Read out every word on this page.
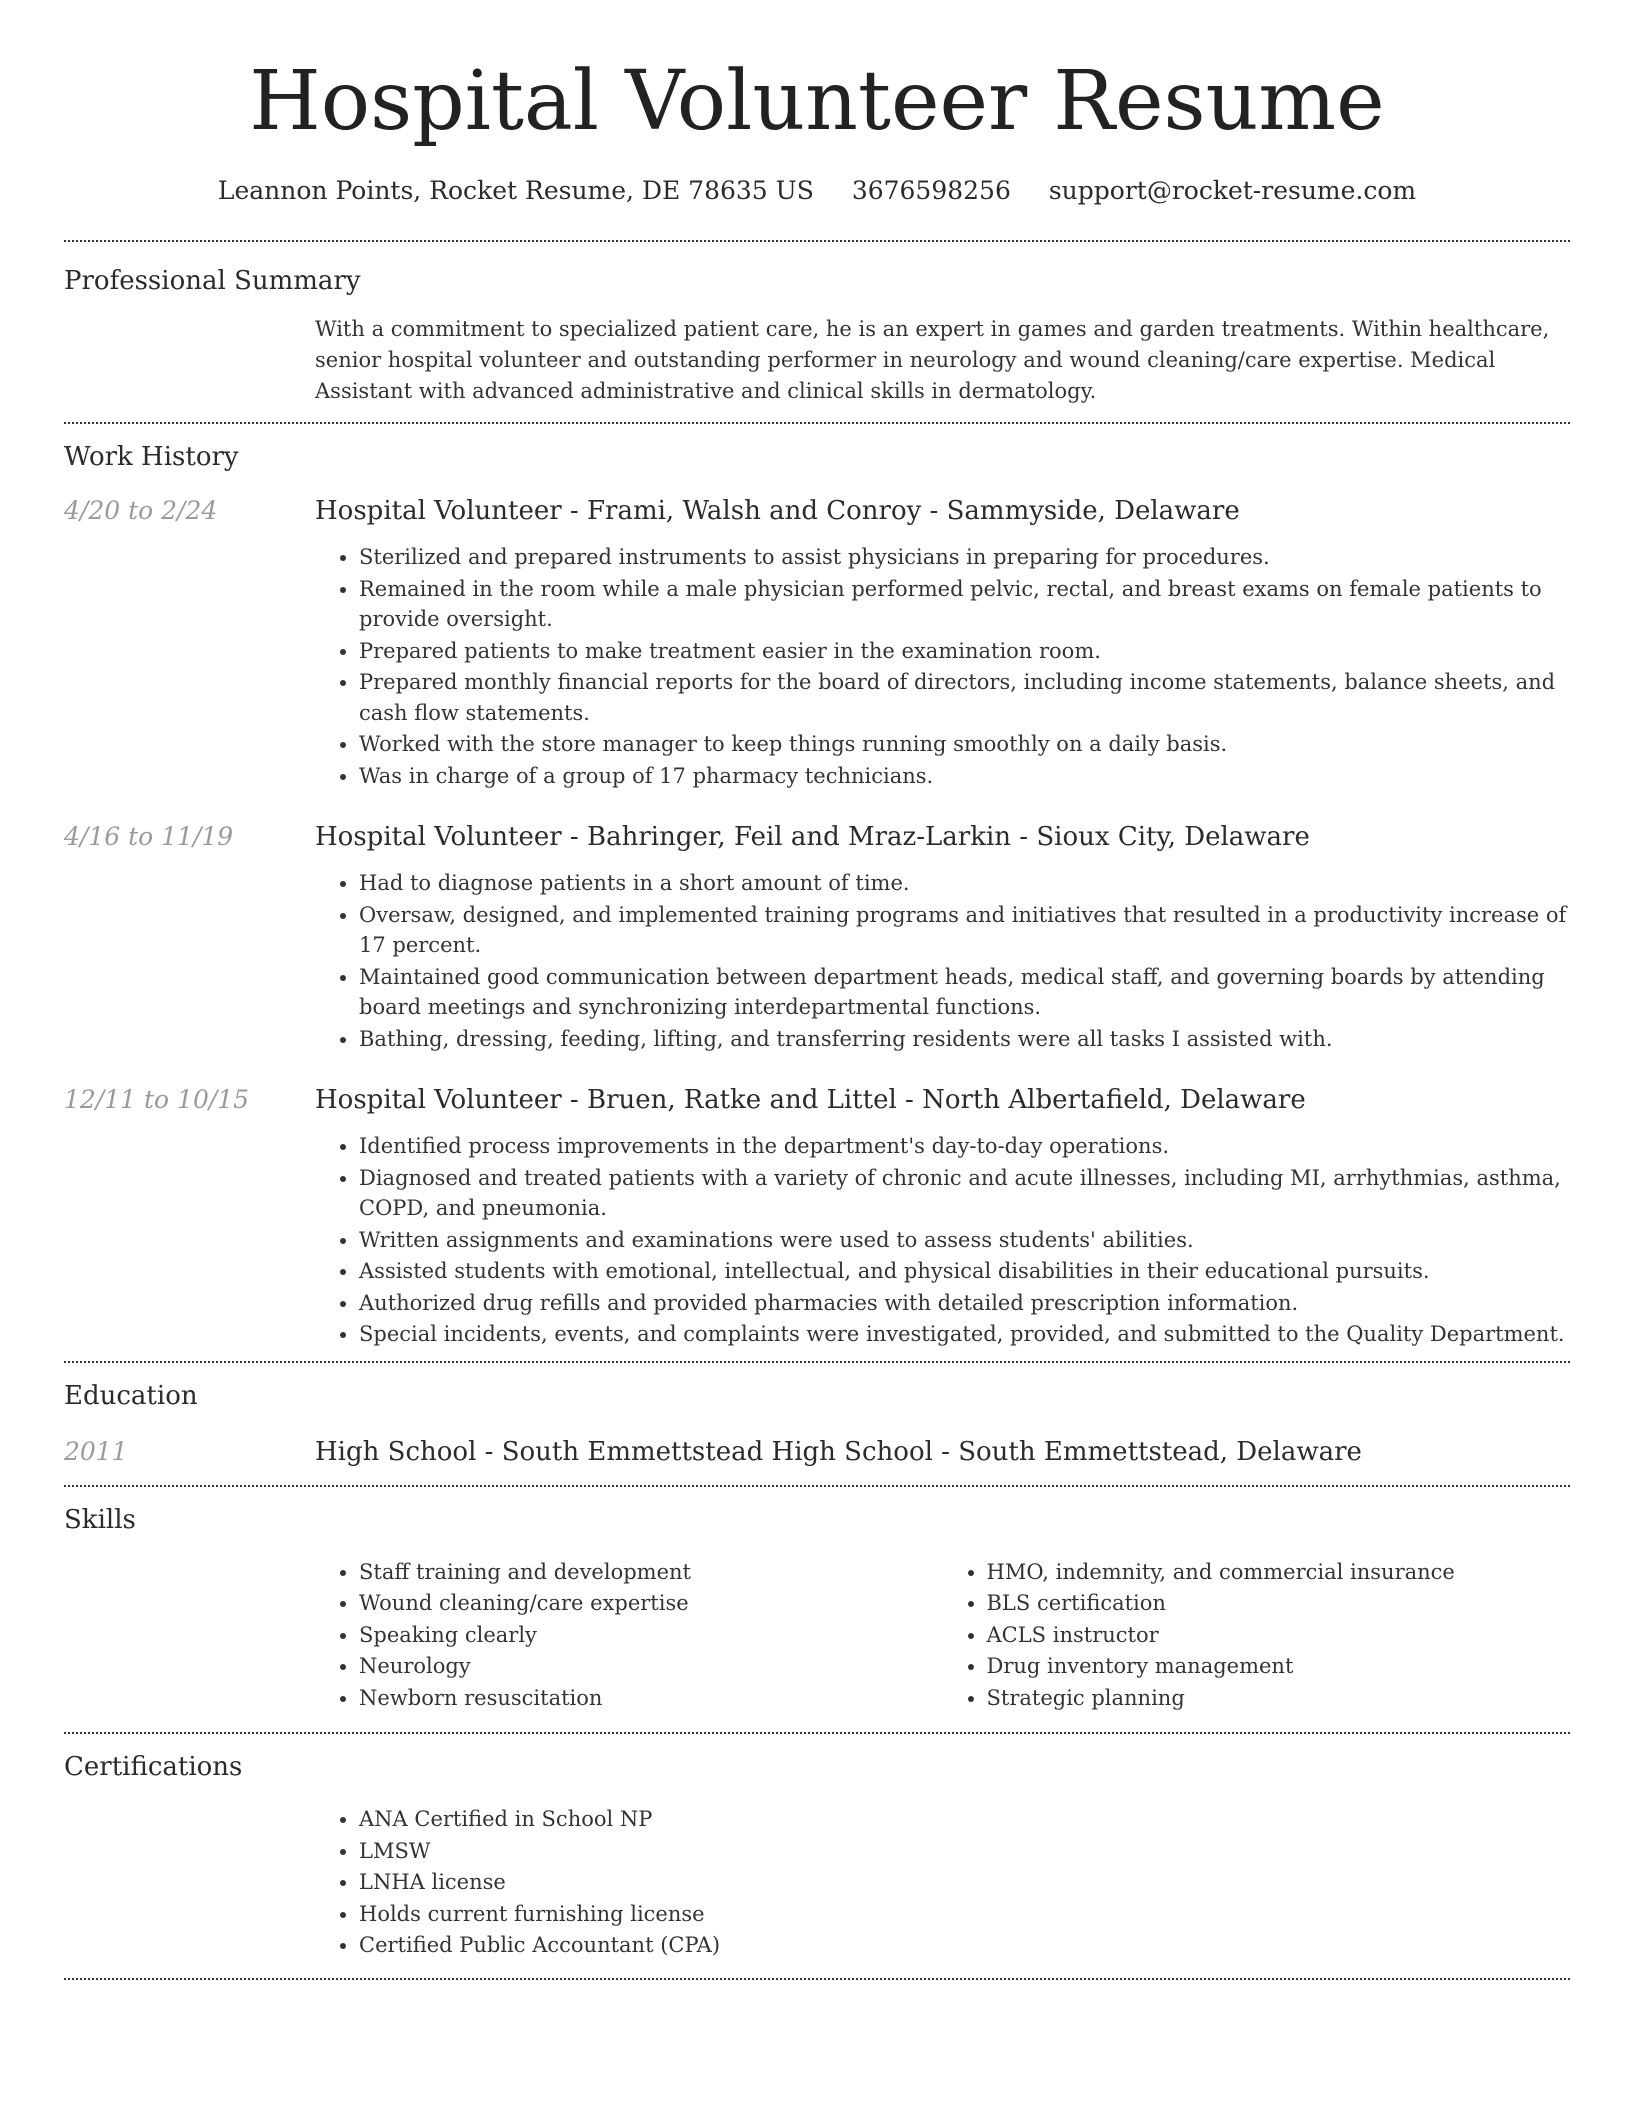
Hospital Volunteer Resume
Leannon Points, Rocket Resume, DE 78635 US 3676598256 support@rocket-resume.com
Professional Summary

With a commitment to specialized patient care, he is an expert in games and garden treatments. Within healthcare, senior hospital volunteer and outstanding performer in neurology and wound cleaning/care expertise. Medical Assistant with advanced administrative and clinical skills in dermatology.

Work History
4/20 to 2/24	Hospital Volunteer - Frami, Walsh and Conroy - Sammyside, Delaware
• Sterilized and prepared instruments to assist physicians in preparing for procedures.
• Remained in the room while a male physician performed pelvic, rectal, and breast exams on female patients to provide oversight.
• Prepared patients to make treatment easier in the examination room.
• Prepared monthly financial reports for the board of directors, including income statements, balance sheets, and cash flow statements.
• Worked with the store manager to keep things running smoothly on a daily basis.
• Was in charge of a group of 17 pharmacy technicians.
4/16 to 11/19	Hospital Volunteer - Bahringer, Feil and Mraz-Larkin - Sioux City, Delaware
• Had to diagnose patients in a short amount of time.
• Oversaw, designed, and implemented training programs and initiatives that resulted in a productivity increase of 17 percent.
• Maintained good communication between department heads, medical staff, and governing boards by attending board meetings and synchronizing interdepartmental functions.
• Bathing, dressing, feeding, lifting, and transferring residents were all tasks I assisted with.
12/11 to 10/15	Hospital Volunteer - Bruen, Ratke and Littel - North Albertafield, Delaware
• Identified process improvements in the department's day-to-day operations.
• Diagnosed and treated patients with a variety of chronic and acute illnesses, including MI, arrhythmias, asthma, COPD, and pneumonia.
• Written assignments and examinations were used to assess students' abilities.
• Assisted students with emotional, intellectual, and physical disabilities in their educational pursuits.
• Authorized drug refills and provided pharmacies with detailed prescription information.
• Special incidents, events, and complaints were investigated, provided, and submitted to the Quality Department.
Education
2011	High School - South Emmettstead High School - South Emmettstead, Delaware
Skills
• Staff training and development
• Wound cleaning/care expertise
• Speaking clearly
• Neurology
• Newborn resuscitation
• HMO, indemnity, and commercial insurance
• BLS certification
• ACLS instructor
• Drug inventory management
• Strategic planning
Certifications
• ANA Certified in School NP
• LMSW
• LNHA license
• Holds current furnishing license
• Certified Public Accountant (CPA)
